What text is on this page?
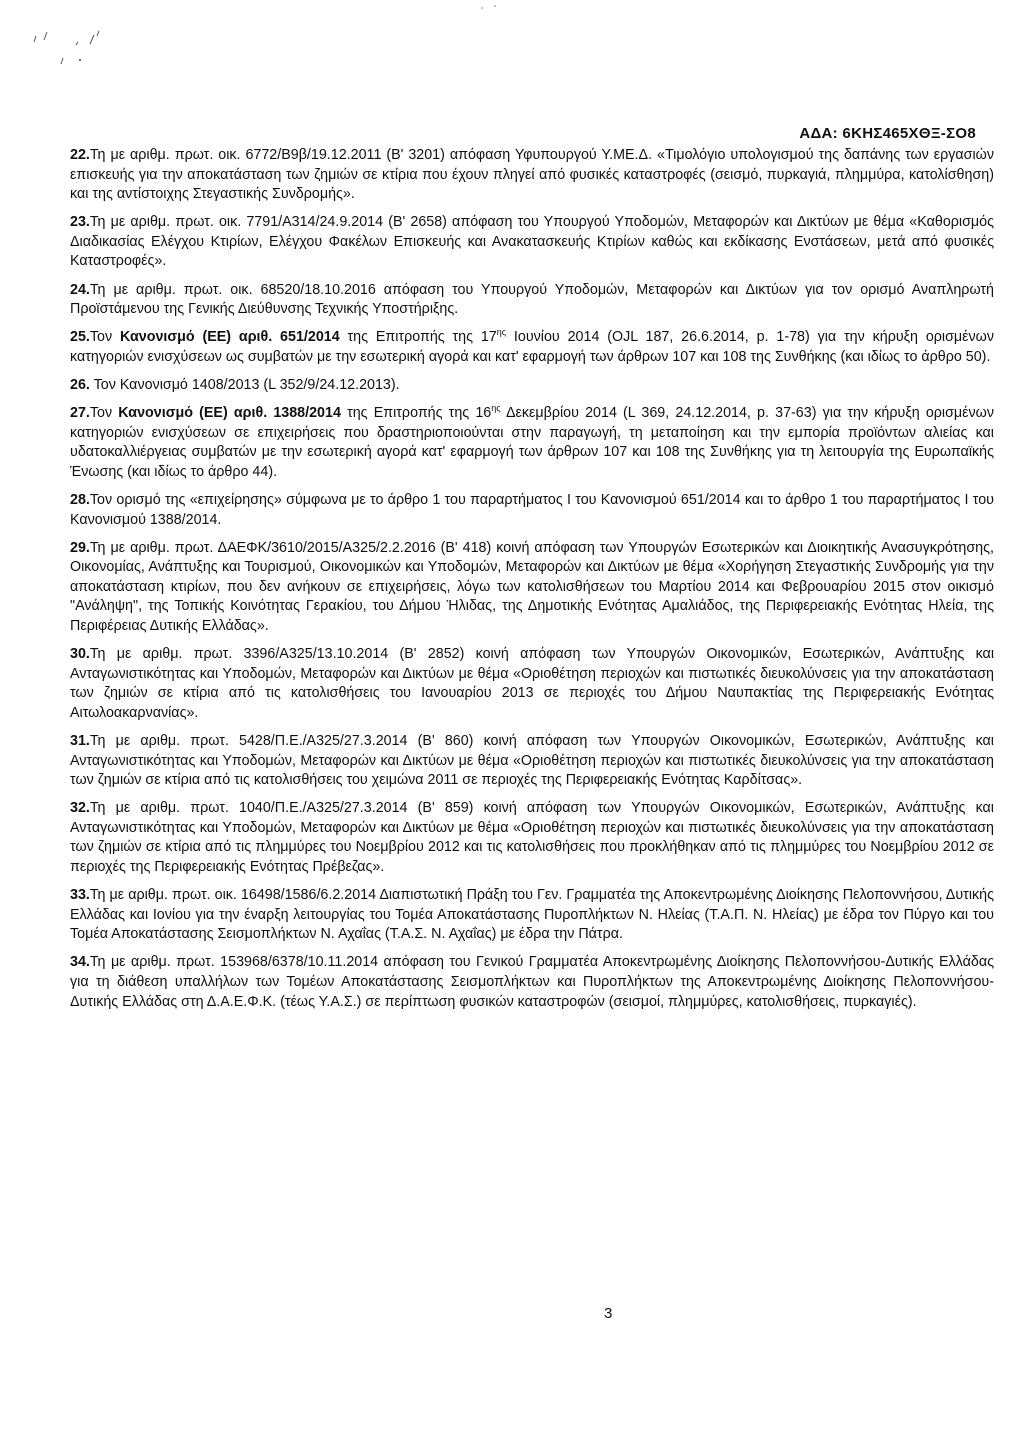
ΑΔΑ: 6ΚΗΣ465ΧΘΞ-ΣΟ8
22.Τη με αριθμ. πρωτ. οικ. 6772/Β9β/19.12.2011 (Β' 3201) απόφαση Υφυπουργού Υ.ΜΕ.Δ. «Τιμολόγιο υπολογισμού της δαπάνης των εργασιών επισκευής για την αποκατάσταση των ζημιών σε κτίρια που έχουν πληγεί από φυσικές καταστροφές (σεισμό, πυρκαγιά, πλημμύρα, κατολίσθηση) και της αντίστοιχης Στεγαστικής Συνδρομής».
23.Τη με αριθμ. πρωτ. οικ. 7791/Α314/24.9.2014 (Β' 2658) απόφαση του Υπουργού Υποδομών, Μεταφορών και Δικτύων με θέμα «Καθορισμός Διαδικασίας Ελέγχου Κτιρίων, Ελέγχου Φακέλων Επισκευής και Ανακατασκευής Κτιρίων καθώς και εκδίκασης Ενστάσεων, μετά από φυσικές Καταστροφές».
24.Τη με αριθμ. πρωτ. οικ. 68520/18.10.2016 απόφαση του Υπουργού Υποδομών, Μεταφορών και Δικτύων για τον ορισμό Αναπληρωτή Προϊστάμενου της Γενικής Διεύθυνσης Τεχνικής Υποστήριξης.
25.Τον Κανονισμό (ΕΕ) αριθ. 651/2014 της Επιτροπής της $17^{\eta\varsigma}$ Ιουνίου 2014 (OJL 187, 26.6.2014, p. 1-78) για την κήρυξη ορισμένων κατηγοριών ενισχύσεων ως συμβατών με την εσωτερική αγορά και κατ' εφαρμογή των άρθρων 107 και 108 της Συνθήκης (και ιδίως το άρθρο 50).
26. Τον Κανονισμό 1408/2013 (L 352/9/24.12.2013).
27.Τον Κανονισμό (ΕΕ) αριθ. 1388/2014 της Επιτροπής της $16^{\eta\varsigma}$ Δεκεμβρίου 2014 (L 369, 24.12.2014, p. 37-63) για την κήρυξη ορισμένων κατηγοριών ενισχύσεων σε επιχειρήσεις που δραστηριοποιούνται στην παραγωγή, τη μεταποίηση και την εμπορία προϊόντων αλιείας και υδατοκαλλιέργειας συμβατών με την εσωτερική αγορά κατ' εφαρμογή των άρθρων 107 και 108 της Συνθήκης για τη λειτουργία της Ευρωπαϊκής Ένωσης (και ιδίως το άρθρο 44).
28.Τον ορισμό της «επιχείρησης» σύμφωνα με το άρθρο 1 του παραρτήματος Ι του Κανονισμού 651/2014 και το άρθρο 1 του παραρτήματος Ι του Κανονισμού 1388/2014.
29.Τη με αριθμ. πρωτ. ΔΑΕΦΚ/3610/2015/Α325/2.2.2016 (Β' 418) κοινή απόφαση των Υπουργών Εσωτερικών και Διοικητικής Ανασυγκρότησης, Οικονομίας, Ανάπτυξης και Τουρισμού, Οικονομικών και Υποδομών, Μεταφορών και Δικτύων με θέμα «Χορήγηση Στεγαστικής Συνδρομής για την αποκατάσταση κτιρίων, που δεν ανήκουν σε επιχειρήσεις, λόγω των κατολισθήσεων του Μαρτίου 2014 και Φεβρουαρίου 2015 στον οικισμό "Ανάληψη", της Τοπικής Κοινότητας Γερακίου, του Δήμου Ήλιδας, της Δημοτικής Ενότητας Αμαλιάδος, της Περιφερειακής Ενότητας Ηλεία, της Περιφέρειας Δυτικής Ελλάδας».
30.Τη με αριθμ. πρωτ. 3396/Α325/13.10.2014 (Β' 2852) κοινή απόφαση των Υπουργών Οικονομικών, Εσωτερικών, Ανάπτυξης και Ανταγωνιστικότητας και Υποδομών, Μεταφορών και Δικτύων με θέμα «Οριοθέτηση περιοχών και πιστωτικές διευκολύνσεις για την αποκατάσταση των ζημιών σε κτίρια από τις κατολισθήσεις του Ιανουαρίου 2013 σε περιοχές του Δήμου Ναυπακτίας της Περιφερειακής Ενότητας Αιτωλοακαρνανίας».
31.Τη με αριθμ. πρωτ. 5428/Π.Ε./Α325/27.3.2014 (Β' 860) κοινή απόφαση των Υπουργών Οικονομικών, Εσωτερικών, Ανάπτυξης και Ανταγωνιστικότητας και Υποδομών, Μεταφορών και Δικτύων με θέμα «Οριοθέτηση περιοχών και πιστωτικές διευκολύνσεις για την αποκατάσταση των ζημιών σε κτίρια από τις κατολισθήσεις του χειμώνα 2011 σε περιοχές της Περιφερειακής Ενότητας Καρδίτσας».
32.Τη με αριθμ. πρωτ. 1040/Π.Ε./Α325/27.3.2014 (Β' 859) κοινή απόφαση των Υπουργών Οικονομικών, Εσωτερικών, Ανάπτυξης και Ανταγωνιστικότητας και Υποδομών, Μεταφορών και Δικτύων με θέμα «Οριοθέτηση περιοχών και πιστωτικές διευκολύνσεις για την αποκατάσταση των ζημιών σε κτίρια από τις πλημμύρες του Νοεμβρίου 2012 και τις κατολισθήσεις που προκλήθηκαν από τις πλημμύρες του Νοεμβρίου 2012 σε περιοχές της Περιφερειακής Ενότητας Πρέβεζας».
33.Τη με αριθμ. πρωτ. οικ. 16498/1586/6.2.2014 Διαπιστωτική Πράξη του Γεν. Γραμματέα της Αποκεντρωμένης Διοίκησης Πελοποννήσου, Δυτικής Ελλάδας και Ιονίου για την έναρξη λειτουργίας του Τομέα Αποκατάστασης Πυροπλήκτων Ν. Ηλείας (Τ.Α.Π. Ν. Ηλείας) με έδρα τον Πύργο και του Τομέα Αποκατάστασης Σεισμοπλήκτων Ν. Αχαΐας (Τ.Α.Σ. Ν. Αχαΐας) με έδρα την Πάτρα.
34.Τη με αριθμ. πρωτ. 153968/6378/10.11.2014 απόφαση του Γενικού Γραμματέα Αποκεντρωμένης Διοίκησης Πελοποννήσου-Δυτικής Ελλάδας για τη διάθεση υπαλλήλων των Τομέων Αποκατάστασης Σεισμοπλήκτων και Πυροπλήκτων της Αποκεντρωμένης Διοίκησης Πελοποννήσου-Δυτικής Ελλάδας στη Δ.Α.Ε.Φ.Κ. (τέως Υ.Α.Σ.) σε περίπτωση φυσικών καταστροφών (σεισμοί, πλημμύρες, κατολισθήσεις, πυρκαγιές).
3
